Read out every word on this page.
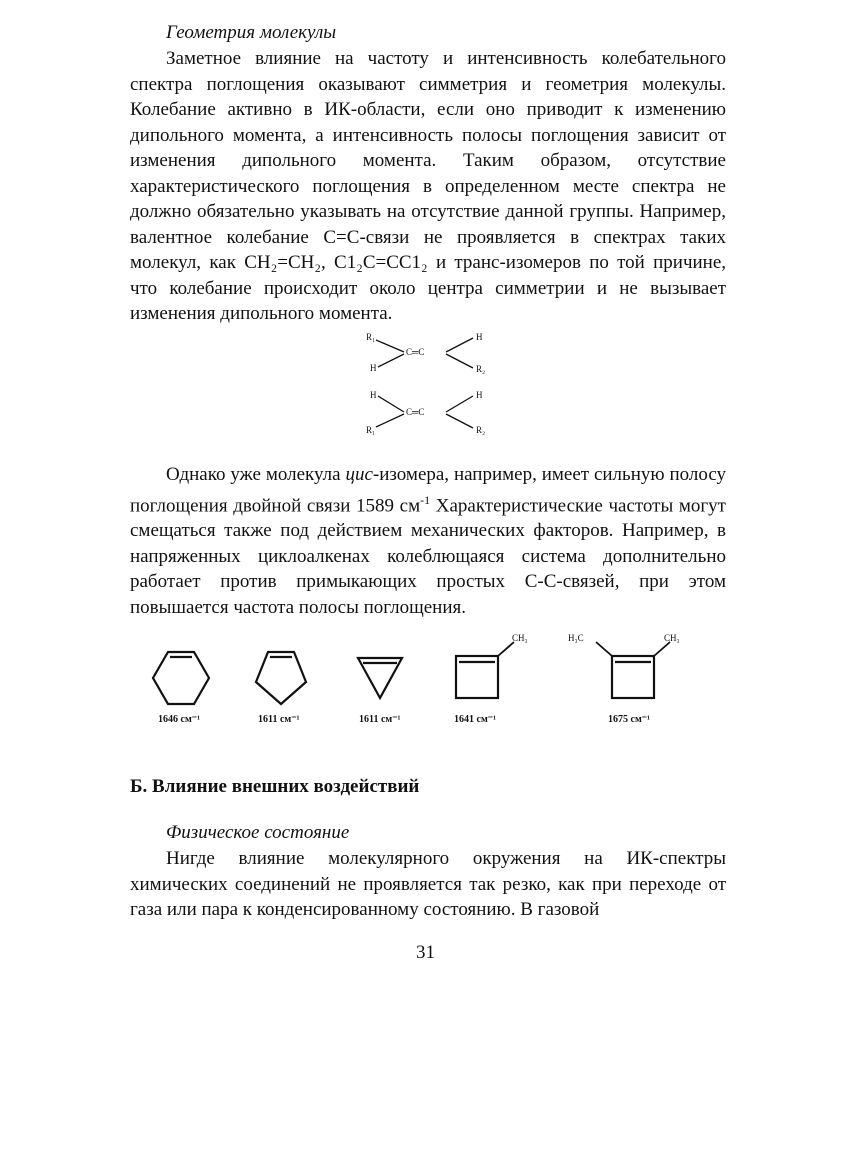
Геометрия молекулы

Заметное влияние на частоту и интенсивность колебательного спектра поглощения оказывают симметрия и геометрия молекулы. Колебание активно в ИК-области, если оно приводит к изменению дипольного момента, а интенсивность полосы поглощения зависит от изменения дипольного момента. Таким образом, отсутствие характеристического поглощения в определенном месте спектра не должно обязательно указывать на отсутствие данной группы. Например, валентное колебание С=С-связи не проявляется в спектрах таких молекул, как CH₂=CH₂, C1₂C=CC1₂ и транс-изомеров по той причине, что колебание происходит около центра симметрии и не вызывает изменения дипольного момента.

R₁
H
H
R₂
C═C
H
R₁
H
R₂
C═C

Однако уже молекула цис-изомера, например, имеет сильную полосу поглощения двойной связи 1589 $см^{-1}$ Характеристические частоты могут смещаться также под действием механических факторов. Например, в напряженных циклоалкенах колеблющаяся система дополнительно работает против примыкающих простых С-С-связей, при этом повышается частота полосы поглощения.

1646 см⁻¹	1611 см⁻¹	1611 см⁻¹
CH₃
1641 см⁻¹
H₃C	CH₃
1675 см⁻¹
Б. Влияние внешних воздействий
Физическое состояние

Нигде влияние молекулярного окружения на ИК-спектры химических соединений не проявляется так резко, как при переходе от газа или пара к конденсированному состоянию. В газовой

31
